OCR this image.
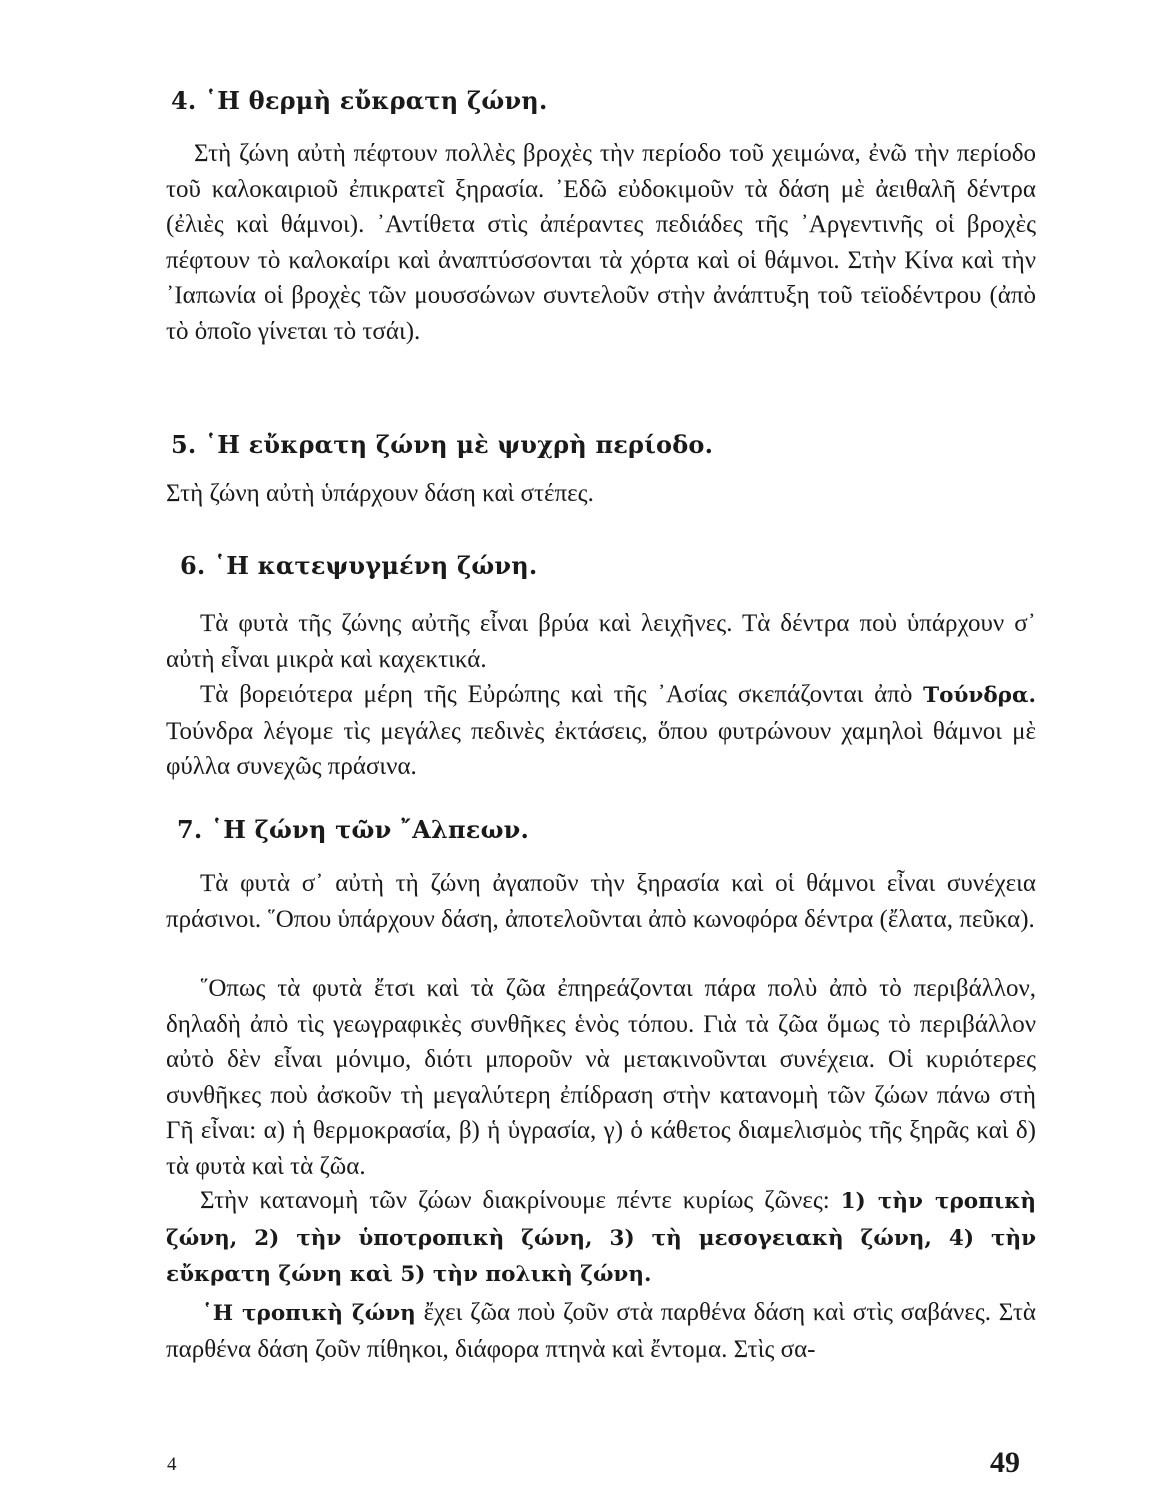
4. ῾Η θερμὴ εὔκρατη ζώνη.

Στὴ ζώνη αὐτὴ πέφτουν πολλὲς βροχὲς τὴν περίοδο τοῦ χειμώνα, ἐνῶ τὴν περίοδο τοῦ καλοκαιριοῦ ἐπικρατεῖ ξηρασία. ᾿Εδῶ εὐδοκιμοῦν τὰ δάση μὲ ἀειθαλῆ δέντρα (ἐλιὲς καὶ θάμνοι). ᾿Αντίθετα στὶς ἀπέραντες πεδιάδες τῆς ᾿Αργεντινῆς οἱ βροχὲς πέφτουν τὸ καλοκαίρι καὶ ἀναπτύσσονται τὰ χόρτα καὶ οἱ θάμνοι. Στὴν Κίνα καὶ τὴν ᾿Ιαπωνία οἱ βροχὲς τῶν μουσσώνων συντελοῦν στὴν ἀνάπτυξη τοῦ τεϊοδέντρου (ἀπὸ τὸ ὁποῖο γίνεται τὸ τσάι).

5. ῾Η εὔκρατη ζώνη μὲ ψυχρὴ περίοδο.

Στὴ ζώνη αὐτὴ ὑπάρχουν δάση καὶ στέπες.

6. ῾Η κατεψυγμένη ζώνη.

Τὰ φυτὰ τῆς ζώνης αὐτῆς εἶναι βρύα καὶ λειχῆνες. Τὰ δέντρα ποὺ ὑπάρχουν σ᾿ αὐτὴ εἶναι μικρὰ καὶ καχεκτικά.

Τὰ βορειότερα μέρη τῆς Εὐρώπης καὶ τῆς ᾿Ασίας σκεπάζονται ἀπὸ Τούνδρα. Τούνδρα λέγομε τὶς μεγάλες πεδινὲς ἐκτάσεις, ὅπου φυτρώνουν χαμηλοὶ θάμνοι μὲ φύλλα συνεχῶς πράσινα.

7. ῾Η ζώνη τῶν ῎Αλπεων.

Τὰ φυτὰ σ᾿ αὐτὴ τὴ ζώνη ἀγαποῦν τὴν ξηρασία καὶ οἱ θάμνοι εἶναι συνέχεια πράσινοι. ῞Οπου ὑπάρχουν δάση, ἀποτελοῦνται ἀπὸ κωνοφόρα δέντρα (ἔλατα, πεῦκα).

῞Οπως τὰ φυτὰ ἔτσι καὶ τὰ ζῶα ἐπηρεάζονται πάρα πολὺ ἀπὸ τὸ περιβάλλον, δηλαδὴ ἀπὸ τὶς γεωγραφικὲς συνθῆκες ἑνὸς τόπου. Γιὰ τὰ ζῶα ὅμως τὸ περιβάλλον αὐτὸ δὲν εἶναι μόνιμο, διότι μποροῦν νὰ μετακινοῦνται συνέχεια. Οἱ κυριότερες συνθῆκες ποὺ ἀσκοῦν τὴ μεγαλύτερη ἐπίδραση στὴν κατανομὴ τῶν ζώων πάνω στὴ Γῆ εἶναι: α) ἡ θερμοκρασία, β) ἡ ὑγρασία, γ) ὁ κάθετος διαμελισμὸς τῆς ξηρᾶς καὶ δ) τὰ φυτὰ καὶ τὰ ζῶα.

Στὴν κατανομὴ τῶν ζώων διακρίνουμε πέντε κυρίως ζῶνες: 1) τὴν τροπικὴ ζώνη, 2) τὴν ὑποτροπικὴ ζώνη, 3) τὴ μεσογειακὴ ζώνη, 4) τὴν εὔκρατη ζώνη καὶ 5) τὴν πολικὴ ζώνη.

῾Η τροπικὴ ζώνη ἔχει ζῶα ποὺ ζοῦν στὰ παρθένα δάση καὶ στὶς σαβάνες. Στὰ παρθένα δάση ζοῦν πίθηκοι, διάφορα πτηνὰ καὶ ἔντομα. Στὶς σα-

4	49
